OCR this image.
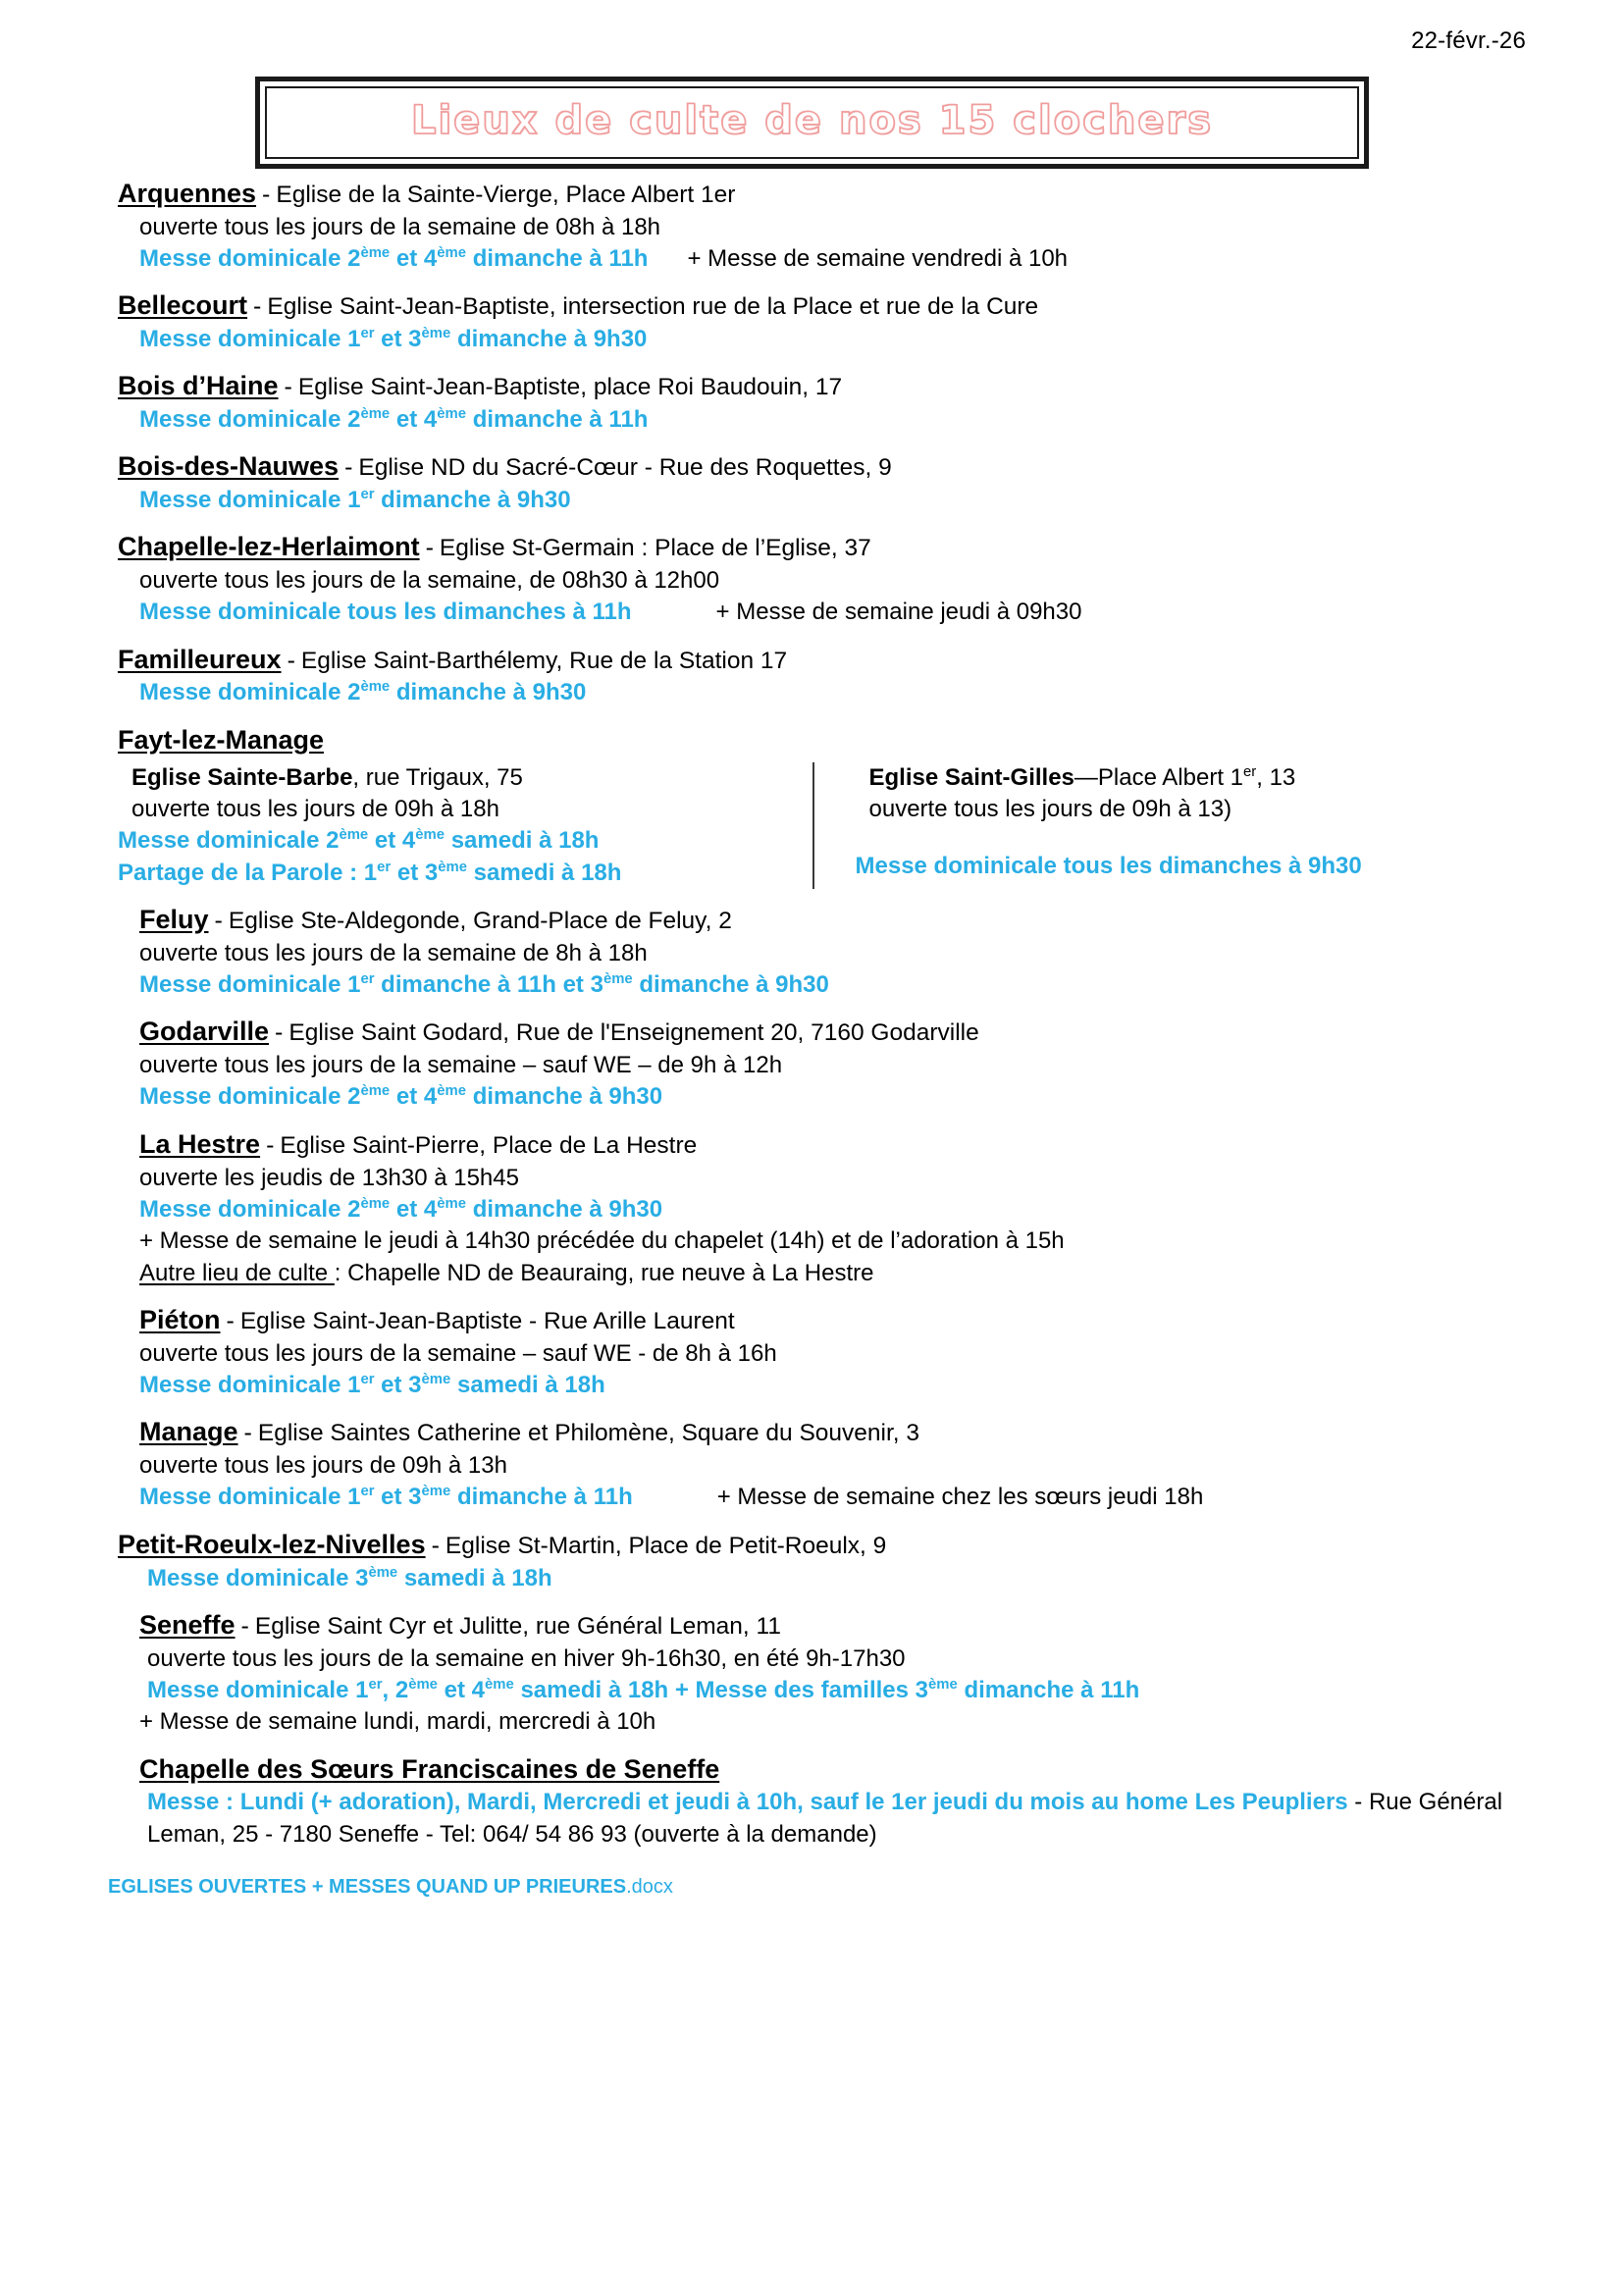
22-févr.-26
Lieux de culte de nos 15 clochers
Arquennes - Eglise de la Sainte-Vierge, Place Albert 1er
ouverte tous les jours de la semaine de 08h à 18h
Messe dominicale 2ème et 4ème dimanche à 11h + Messe de semaine vendredi à 10h
Bellecourt - Eglise Saint-Jean-Baptiste, intersection rue de la Place et rue de la Cure
Messe dominicale 1er et 3ème dimanche à 9h30
Bois d’Haine - Eglise Saint-Jean-Baptiste, place Roi Baudouin, 17
Messe dominicale 2ème et 4ème dimanche à 11h
Bois-des-Nauwes - Eglise ND du Sacré-Cœur - Rue des Roquettes, 9
Messe dominicale 1er dimanche à 9h30
Chapelle-lez-Herlaimont - Eglise St-Germain : Place de l’Eglise, 37
ouverte tous les jours de la semaine, de 08h30 à 12h00
Messe dominicale tous les dimanches à 11h	+ Messe de semaine jeudi à 09h30
Familleureux - Eglise Saint-Barthélemy, Rue de la Station 17
Messe dominicale 2ème dimanche à 9h30
Fayt-lez-Manage
Eglise Sainte-Barbe, rue Trigaux, 75
ouverte tous les jours de 09h à 18h
Messe dominicale 2ème et 4ème samedi à 18h
Partage de la Parole : 1er et 3ème samedi à 18h
Eglise Saint-Gilles—Place Albert 1er, 13
ouverte tous les jours de 09h à 13)
Messe dominicale tous les dimanches à 9h30
Feluy - Eglise Ste-Aldegonde, Grand-Place de Feluy, 2
ouverte tous les jours de la semaine de 8h à 18h
Messe dominicale 1er dimanche à 11h et 3ème dimanche à 9h30
Godarville - Eglise Saint Godard, Rue de l'Enseignement 20, 7160 Godarville
ouverte tous les jours de la semaine – sauf WE – de 9h à 12h
Messe dominicale 2ème et 4ème dimanche à 9h30
La Hestre - Eglise Saint-Pierre, Place de La Hestre
ouverte les jeudis de 13h30 à 15h45
Messe dominicale 2ème et 4ème dimanche à 9h30
+ Messe de semaine le jeudi à 14h30 précédée du chapelet (14h) et de l’adoration à 15h
Autre lieu de culte : Chapelle ND de Beauraing, rue neuve à La Hestre
Piéton - Eglise Saint-Jean-Baptiste - Rue Arille Laurent
ouverte tous les jours de la semaine – sauf WE - de 8h à 16h
Messe dominicale 1er et 3ème samedi à 18h
Manage - Eglise Saintes Catherine et Philomène, Square du Souvenir, 3
ouverte tous les jours de 09h à 13h
Messe dominicale 1er et 3ème dimanche à 11h	+ Messe de semaine chez les sœurs jeudi 18h
Petit-Roeulx-lez-Nivelles - Eglise St-Martin, Place de Petit-Roeulx, 9
Messe dominicale 3ème samedi à 18h
Seneffe - Eglise Saint Cyr et Julitte, rue Général Leman, 11
ouverte tous les jours de la semaine en hiver 9h-16h30, en été 9h-17h30
Messe dominicale 1er, 2ème et 4ème samedi à 18h + Messe des familles 3ème dimanche à 11h
+ Messe de semaine lundi, mardi, mercredi à 10h
Chapelle des Sœurs Franciscaines de Seneffe
Messe : Lundi (+ adoration), Mardi, Mercredi et jeudi à 10h, sauf le 1er jeudi du mois au home Les Peupliers - Rue Général Leman, 25 - 7180 Seneffe - Tel: 064/ 54 86 93 (ouverte à la demande)
EGLISES OUVERTES + MESSES QUAND UP PRIEURES.docx
